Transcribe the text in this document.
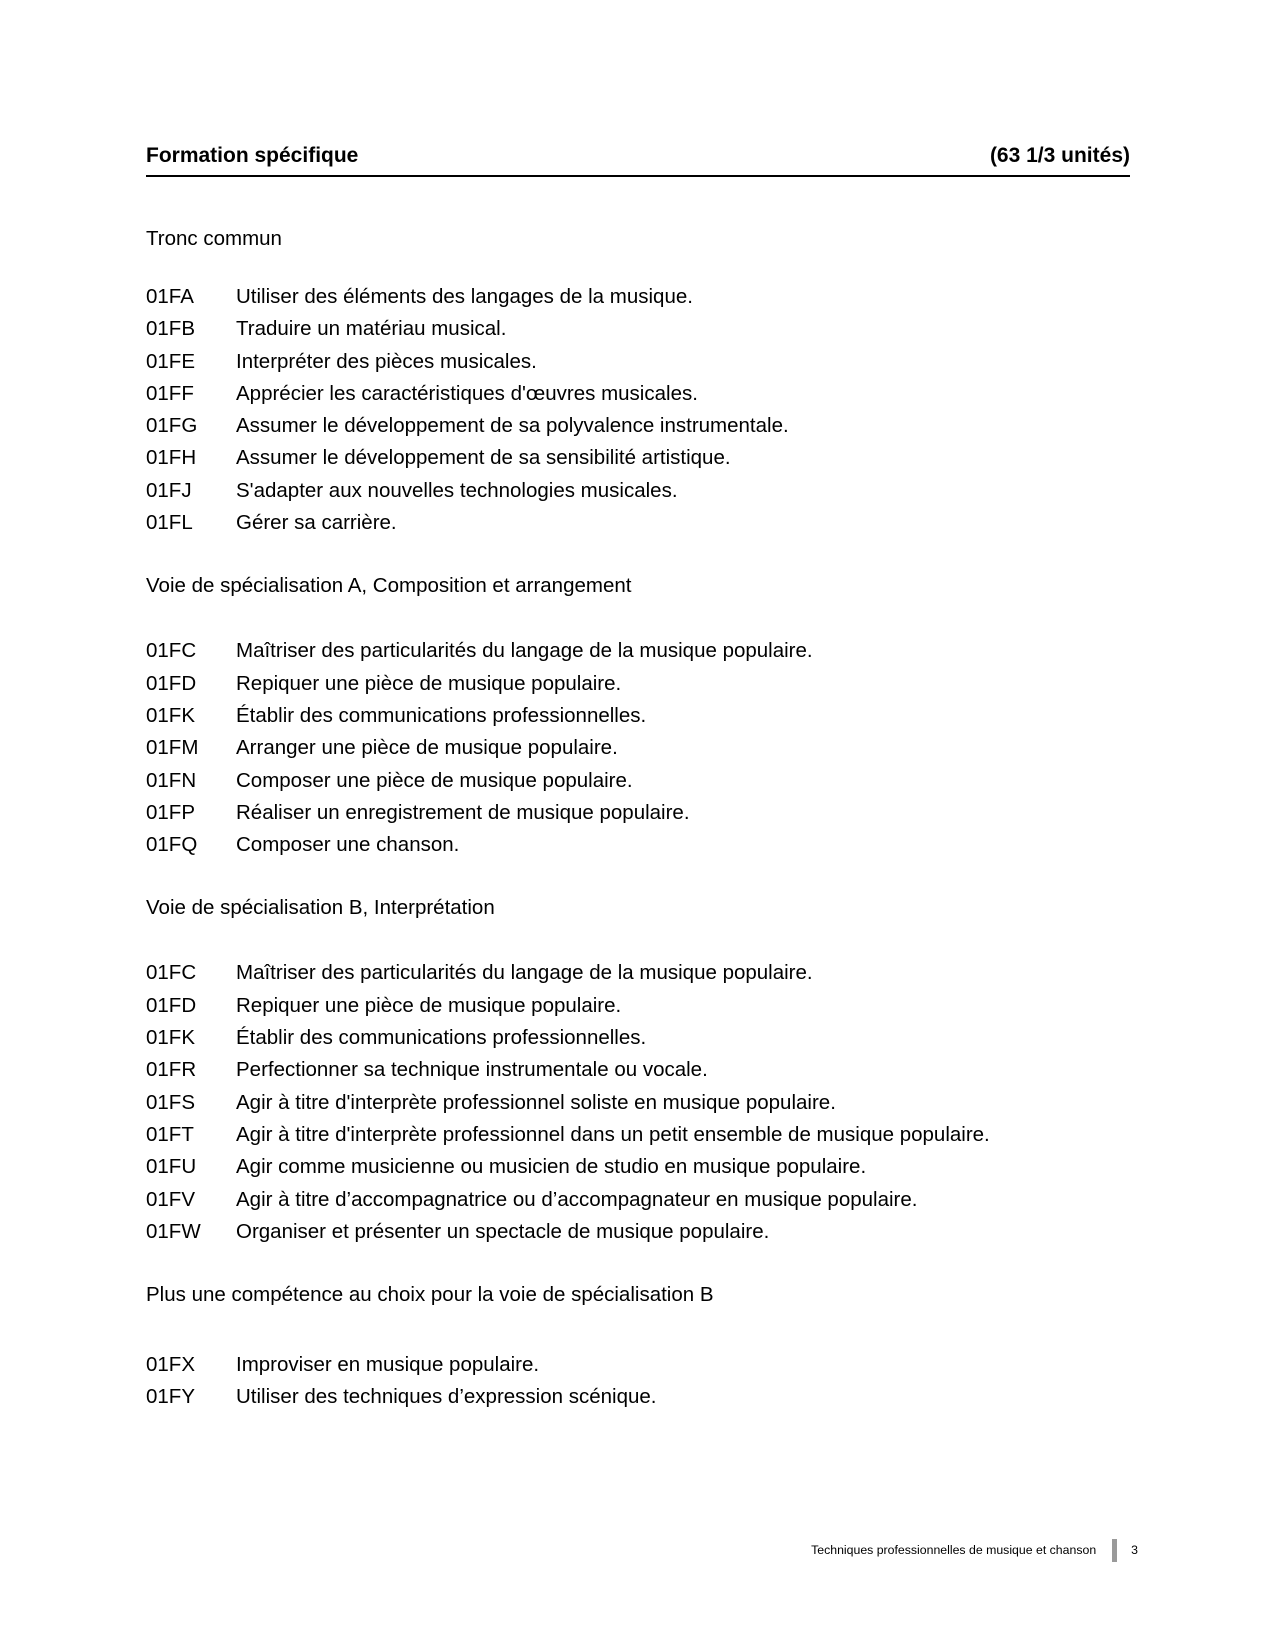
Formation spécifique	(63 1/3 unités)

Tronc commun

01FA	Utiliser des éléments des langages de la musique.
01FB	Traduire un matériau musical.
01FE	Interpréter des pièces musicales.
01FF	Apprécier les caractéristiques d'œuvres musicales.
01FG	Assumer le développement de sa polyvalence instrumentale.
01FH	Assumer le développement de sa sensibilité artistique.
01FJ	S'adapter aux nouvelles technologies musicales.
01FL	Gérer sa carrière.

Voie de spécialisation A, Composition et arrangement

01FC	Maîtriser des particularités du langage de la musique populaire.
01FD	Repiquer une pièce de musique populaire.
01FK	Établir des communications professionnelles.
01FM	Arranger une pièce de musique populaire.
01FN	Composer une pièce de musique populaire.
01FP	Réaliser un enregistrement de musique populaire.
01FQ	Composer une chanson.

Voie de spécialisation B, Interprétation

01FC	Maîtriser des particularités du langage de la musique populaire.
01FD	Repiquer une pièce de musique populaire.
01FK	Établir des communications professionnelles.
01FR	Perfectionner sa technique instrumentale ou vocale.
01FS	Agir à titre d'interprète professionnel soliste en musique populaire.
01FT	Agir à titre d'interprète professionnel dans un petit ensemble de musique populaire.
01FU	Agir comme musicienne ou musicien de studio en musique populaire.
01FV	Agir à titre d’accompagnatrice ou d’accompagnateur en musique populaire.
01FW	Organiser et présenter un spectacle de musique populaire.

Plus une compétence au choix pour la voie de spécialisation B

01FX	Improviser en musique populaire.
01FY	Utiliser des techniques d’expression scénique.
Techniques professionnelles de musique et chanson	3
